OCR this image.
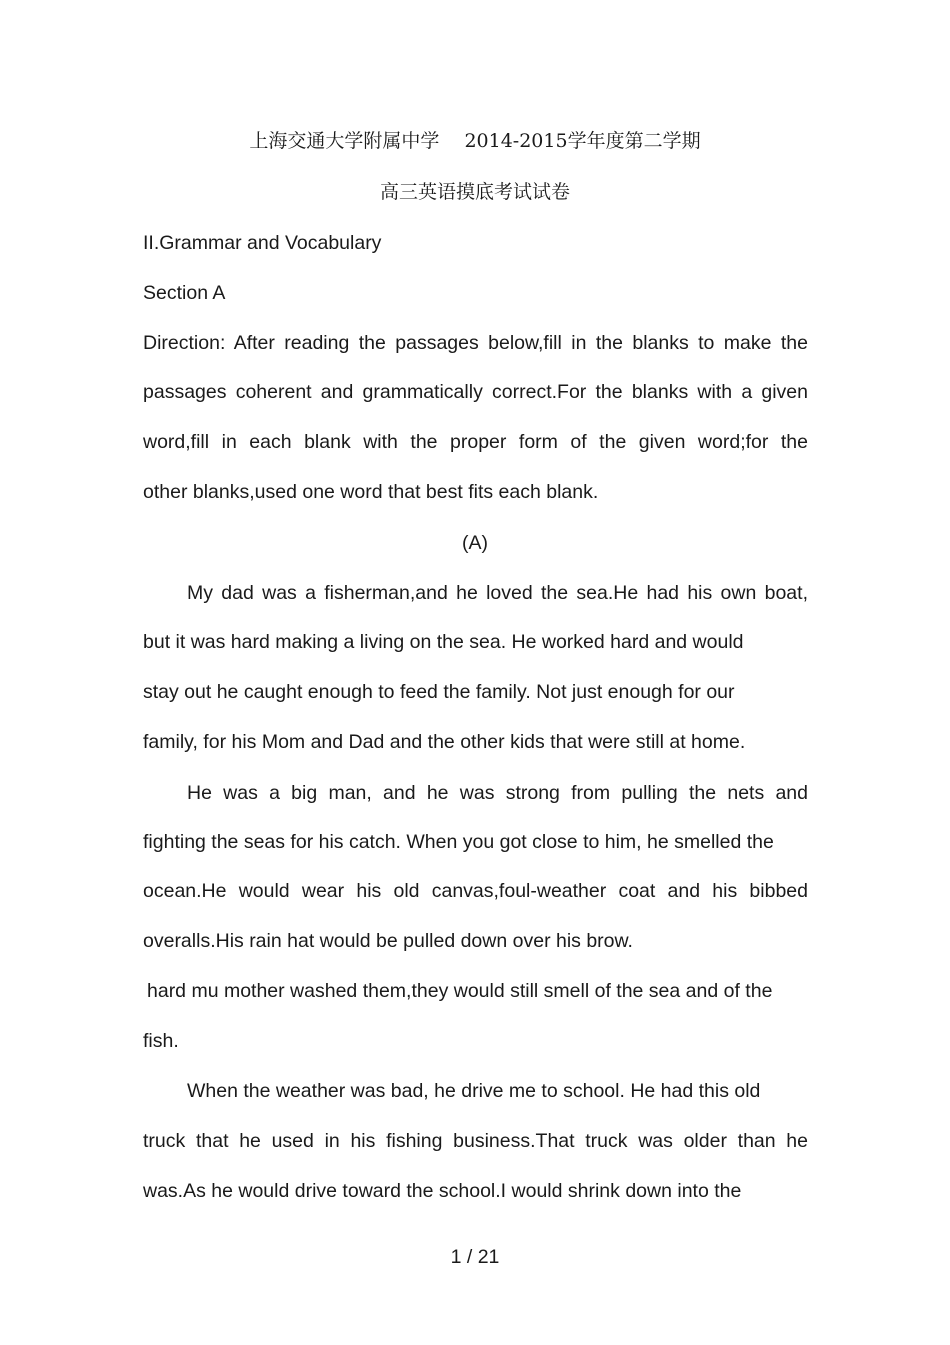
上海交通大学附属中学　 2014-2015学年度第二学期
高三英语摸底考试试卷
II.Grammar and Vocabulary
Section A
Direction: After reading the passages below,fill in the blanks to make the
passages coherent and grammatically correct.For the blanks with a given
word,fill in each blank with the proper form of the given word;for the
other blanks,used one word that best fits each blank.
(A)
My dad was a fisherman,and he loved the sea.He had his own boat,
but it was hard making a living on the sea. He worked hard and would
stay out he caught enough to feed the family. Not just enough for our
family, for his Mom and Dad and the other kids that were still at home.
He was a big man, and he was strong from pulling the nets and
fighting the seas for his catch. When you got close to him, he smelled the
ocean.He would wear his old canvas,foul-weather coat and his bibbed
overalls.His rain hat would be pulled down over his brow.
hard mu mother washed them,they would still smell of the sea and of the
fish.
When the weather was bad, he drive me to school. He had this old
truck that he used in his fishing business.That truck was older than he
was.As he would drive toward the school.I would shrink down into the
1 / 21
